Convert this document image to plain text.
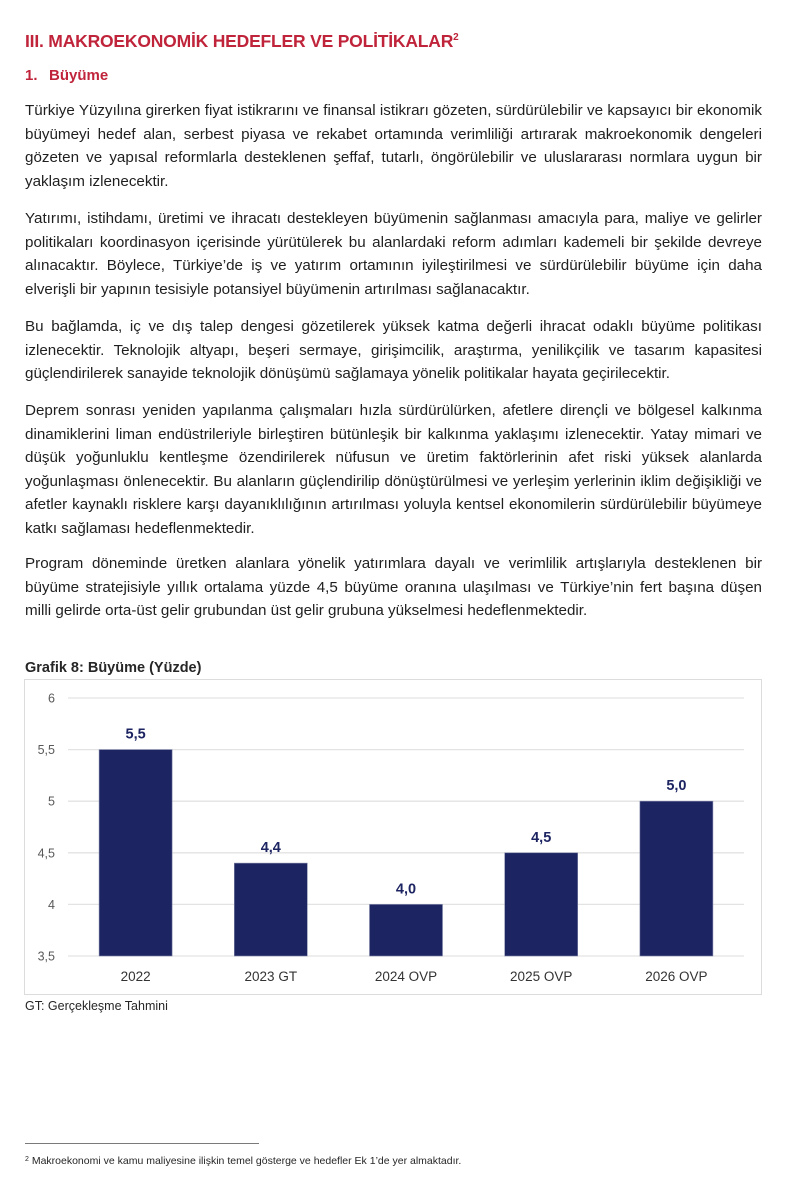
III. MAKROEKONOMİK HEDEFLER VE POLİTİKALAR$^2$
1. Büyüme

Türkiye Yüzyılına girerken fiyat istikrarını ve finansal istikrarı gözeten, sürdürülebilir ve kapsayıcı bir ekonomik büyümeyi hedef alan, serbest piyasa ve rekabet ortamında verimliliği artırarak makroekonomik dengeleri gözeten ve yapısal reformlarla desteklenen şeffaf, tutarlı, öngörülebilir ve uluslararası normlara uygun bir yaklaşım izlenecektir.

Yatırımı, istihdamı, üretimi ve ihracatı destekleyen büyümenin sağlanması amacıyla para, maliye ve gelirler politikaları koordinasyon içerisinde yürütülerek bu alanlardaki reform adımları kademeli bir şekilde devreye alınacaktır. Böylece, Türkiye’de iş ve yatırım ortamının iyileştirilmesi ve sürdürülebilir büyüme için daha elverişli bir yapının tesisiyle potansiyel büyümenin artırılması sağlanacaktır.

Bu bağlamda, iç ve dış talep dengesi gözetilerek yüksek katma değerli ihracat odaklı büyüme politikası izlenecektir. Teknolojik altyapı, beşeri sermaye, girişimcilik, araştırma, yenilikçilik ve tasarım kapasitesi güçlendirilerek sanayide teknolojik dönüşümü sağlamaya yönelik politikalar hayata geçirilecektir.

Deprem sonrası yeniden yapılanma çalışmaları hızla sürdürülürken, afetlere dirençli ve bölgesel kalkınma dinamiklerini liman endüstrileriyle birleştiren bütünleşik bir kalkınma yaklaşımı izlenecektir. Yatay mimari ve düşük yoğunluklu kentleşme özendirilerek nüfusun ve üretim faktörlerinin afet riski yüksek alanlarda yoğunlaşması önlenecektir. Bu alanların güçlendirilip dönüştürülmesi ve yerleşim yerlerinin iklim değişikliği ve afetler kaynaklı risklere karşı dayanıklılığının artırılması yoluyla kentsel ekonomilerin sürdürülebilir büyümeye katkı sağlaması hedeflenmektedir.

Program döneminde üretken alanlara yönelik yatırımlara dayalı ve verimlilik artışlarıyla desteklenen bir büyüme stratejisiyle yıllık ortalama yüzde 4,5 büyüme oranına ulaşılması ve Türkiye’nin fert başına düşen milli gelirde orta-üst gelir grubundan üst gelir grubuna yükselmesi hedeflenmektedir.

Grafik 8: Büyüme (Yüzde)
3,5
4
4,5
5
5,5
6
5,5
4,4
4,0
4,5
5,0
2022	2023 GT	2024 OVP	2025 OVP	2026 OVP
GT: Gerçekleşme Tahmini
$^2$ Makroekonomi ve kamu maliyesine ilişkin temel gösterge ve hedefler Ek 1’de yer almaktadır.
